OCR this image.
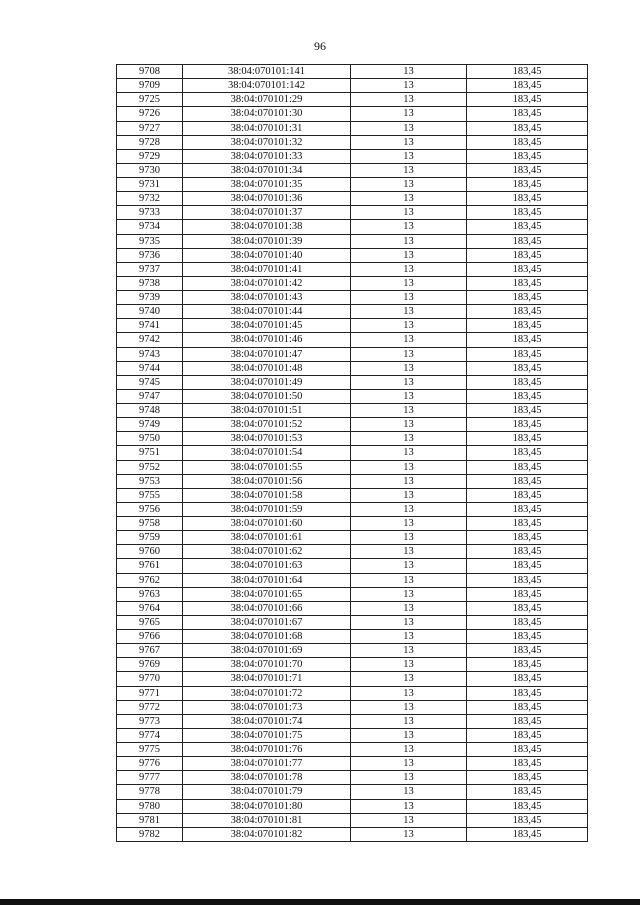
96
9708	38:04:070101:141	13	183,45
9709	38:04:070101:142	13	183,45
9725	38:04:070101:29	13	183,45
9726	38:04:070101:30	13	183,45
9727	38:04:070101:31	13	183,45
9728	38:04:070101:32	13	183,45
9729	38:04:070101:33	13	183,45
9730	38:04:070101:34	13	183,45
9731	38:04:070101:35	13	183,45
9732	38:04:070101:36	13	183,45
9733	38:04:070101:37	13	183,45
9734	38:04:070101:38	13	183,45
9735	38:04:070101:39	13	183,45
9736	38:04:070101:40	13	183,45
9737	38:04:070101:41	13	183,45
9738	38:04:070101:42	13	183,45
9739	38:04:070101:43	13	183,45
9740	38:04:070101:44	13	183,45
9741	38:04:070101:45	13	183,45
9742	38:04:070101:46	13	183,45
9743	38:04:070101:47	13	183,45
9744	38:04:070101:48	13	183,45
9745	38:04:070101:49	13	183,45
9747	38:04:070101:50	13	183,45
9748	38:04:070101:51	13	183,45
9749	38:04:070101:52	13	183,45
9750	38:04:070101:53	13	183,45
9751	38:04:070101:54	13	183,45
9752	38:04:070101:55	13	183,45
9753	38:04:070101:56	13	183,45
9755	38:04:070101:58	13	183,45
9756	38:04:070101:59	13	183,45
9758	38:04:070101:60	13	183,45
9759	38:04:070101:61	13	183,45
9760	38:04:070101:62	13	183,45
9761	38:04:070101:63	13	183,45
9762	38:04:070101:64	13	183,45
9763	38:04:070101:65	13	183,45
9764	38:04:070101:66	13	183,45
9765	38:04:070101:67	13	183,45
9766	38:04:070101:68	13	183,45
9767	38:04:070101:69	13	183,45
9769	38:04:070101:70	13	183,45
9770	38:04:070101:71	13	183,45
9771	38:04:070101:72	13	183,45
9772	38:04:070101:73	13	183,45
9773	38:04:070101:74	13	183,45
9774	38:04:070101:75	13	183,45
9775	38:04:070101:76	13	183,45
9776	38:04:070101:77	13	183,45
9777	38:04:070101:78	13	183,45
9778	38:04:070101:79	13	183,45
9780	38:04:070101:80	13	183,45
9781	38:04:070101:81	13	183,45
9782	38:04:070101:82	13	183,45
